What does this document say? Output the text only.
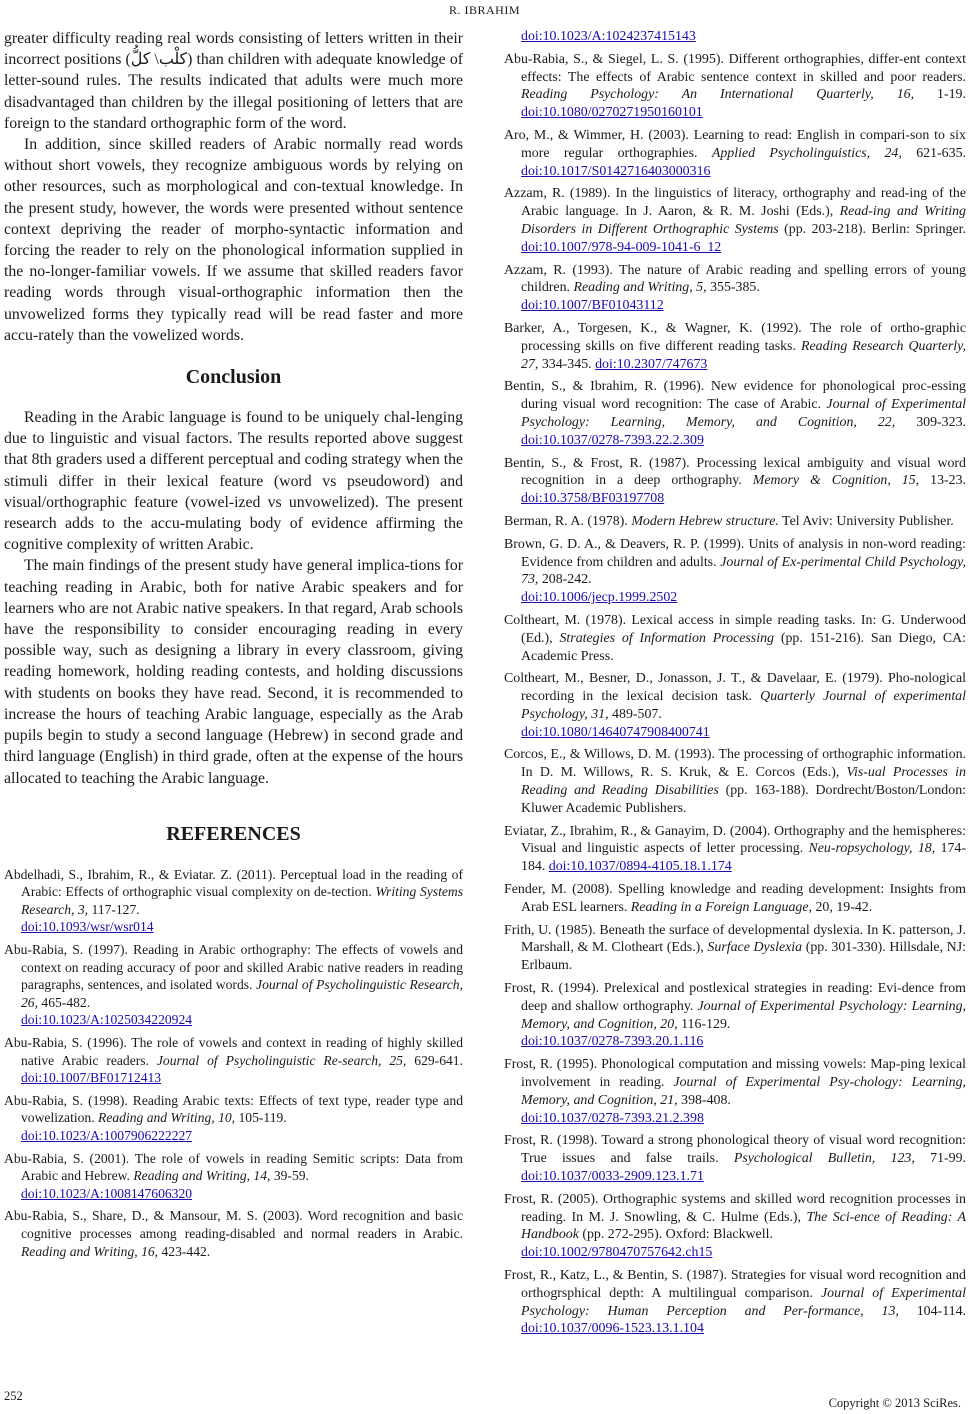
R. IBRAHIM

greater difficulty reading real words consisting of letters written in their incorrect positions (كلْب\ كلُّ) than children with adequate knowledge of letter-sound rules. The results indicated that adults were much more disadvantaged than children by the illegal positioning of letters that are foreign to the standard orthographic form of the word.

In addition, since skilled readers of Arabic normally read words without short vowels, they recognize ambiguous words by relying on other resources, such as morphological and con-textual knowledge. In the present study, however, the words were presented without sentence context depriving the reader of morpho-syntactic information and forcing the reader to rely on the phonological information supplied in the no-longer-familiar vowels. If we assume that skilled readers favor reading words through visual-orthographic information then the unvowelized forms they typically read will be read faster and more accu-rately than the vowelized words.

Conclusion

Reading in the Arabic language is found to be uniquely chal-lenging due to linguistic and visual factors. The results reported above suggest that 8th graders used a different perceptual and coding strategy when the stimuli differ in their lexical feature (word vs pseudoword) and visual/orthographic feature (vowel-ized vs unvowelized). The present research adds to the accu-mulating body of evidence affirming the cognitive complexity of written Arabic.

The main findings of the present study have general implica-tions for teaching reading in Arabic, both for native Arabic speakers and for learners who are not Arabic native speakers. In that regard, Arab schools have the responsibility to consider encouraging reading in every possible way, such as designing a library in every classroom, giving reading homework, holding reading contests, and holding discussions with students on books they have read. Second, it is recommended to increase the hours of teaching Arabic language, especially as the Arab pupils begin to study a second language (Hebrew) in second grade and third language (English) in third grade, often at the expense of the hours allocated to teaching the Arabic language.

REFERENCES

Abdelhadi, S., Ibrahim, R., & Eviatar. Z. (2011). Perceptual load in the reading of Arabic: Effects of orthographic visual complexity on de-tection. Writing Systems Research, 3, 117-127.
doi:10.1093/wsr/wsr014

Abu-Rabia, S. (1997). Reading in Arabic orthography: The effects of vowels and context on reading accuracy of poor and skilled Arabic native readers in reading paragraphs, sentences, and isolated words. Journal of Psycholinguistic Research, 26, 465-482.
doi:10.1023/A:1025034220924

Abu-Rabia, S. (1996). The role of vowels and context in reading of highly skilled native Arabic readers. Journal of Psycholinguistic Re-search, 25, 629-641. doi:10.1007/BF01712413

Abu-Rabia, S. (1998). Reading Arabic texts: Effects of text type, reader type and vowelization. Reading and Writing, 10, 105-119.
doi:10.1023/A:1007906222227

Abu-Rabia, S. (2001). The role of vowels in reading Semitic scripts: Data from Arabic and Hebrew. Reading and Writing, 14, 39-59.
doi:10.1023/A:1008147606320

Abu-Rabia, S., Share, D., & Mansour, M. S. (2003). Word recognition and basic cognitive processes among reading-disabled and normal readers in Arabic. Reading and Writing, 16, 423-442.

doi:10.1023/A:1024237415143

Abu-Rabia, S., & Siegel, L. S. (1995). Different orthographies, differ-ent context effects: The effects of Arabic sentence context in skilled and poor readers. Reading Psychology: An International Quarterly, 16, 1-19. doi:10.1080/0270271950160101

Aro, M., & Wimmer, H. (2003). Learning to read: English in compari-son to six more regular orthographies. Applied Psycholinguistics, 24, 621-635. doi:10.1017/S0142716403000316

Azzam, R. (1989). In the linguistics of literacy, orthography and read-ing of the Arabic language. In J. Aaron, & R. M. Joshi (Eds.), Read-ing and Writing Disorders in Different Orthographic Systems (pp. 203-218). Berlin: Springer. doi:10.1007/978-94-009-1041-6_12

Azzam, R. (1993). The nature of Arabic reading and spelling errors of young children. Reading and Writing, 5, 355-385.
doi:10.1007/BF01043112

Barker, A., Torgesen, K., & Wagner, K. (1992). The role of ortho-graphic processing skills on five different reading tasks. Reading Research Quarterly, 27, 334-345. doi:10.2307/747673

Bentin, S., & Ibrahim, R. (1996). New evidence for phonological proc-essing during visual word recognition: The case of Arabic. Journal of Experimental Psychology: Learning, Memory, and Cognition, 22, 309-323. doi:10.1037/0278-7393.22.2.309

Bentin, S., & Frost, R. (1987). Processing lexical ambiguity and visual word recognition in a deep orthography. Memory & Cognition, 15, 13-23. doi:10.3758/BF03197708

Berman, R. A. (1978). Modern Hebrew structure. Tel Aviv: University Publisher.

Brown, G. D. A., & Deavers, R. P. (1999). Units of analysis in non-word reading: Evidence from children and adults. Journal of Ex-perimental Child Psychology, 73, 208-242.
doi:10.1006/jecp.1999.2502

Coltheart, M. (1978). Lexical access in simple reading tasks. In: G. Underwood (Ed.), Strategies of Information Processing (pp. 151-216). San Diego, CA: Academic Press.

Coltheart, M., Besner, D., Jonasson, J. T., & Davelaar, E. (1979). Pho-nological recording in the lexical decision task. Quarterly Journal of experimental Psychology, 31, 489-507.
doi:10.1080/14640747908400741

Corcos, E., & Willows, D. M. (1993). The processing of orthographic information. In D. M. Willows, R. S. Kruk, & E. Corcos (Eds.), Vis-ual Processes in Reading and Reading Disabilities (pp. 163-188). Dordrecht/Boston/London: Kluwer Academic Publishers.

Eviatar, Z., Ibrahim, R., & Ganayim, D. (2004). Orthography and the hemispheres: Visual and linguistic aspects of letter processing. Neu-ropsychology, 18, 174-184. doi:10.1037/0894-4105.18.1.174

Fender, M. (2008). Spelling knowledge and reading development: Insights from Arab ESL learners. Reading in a Foreign Language, 20, 19-42.

Frith, U. (1985). Beneath the surface of developmental dyslexia. In K. patterson, J. Marshall, & M. Clotheart (Eds.), Surface Dyslexia (pp. 301-330). Hillsdale, NJ: Erlbaum.

Frost, R. (1994). Prelexical and postlexical strategies in reading: Evi-dence from deep and shallow orthography. Journal of Experimental Psychology: Learning, Memory, and Cognition, 20, 116-129.
doi:10.1037/0278-7393.20.1.116

Frost, R. (1995). Phonological computation and missing vowels: Map-ping lexical involvement in reading. Journal of Experimental Psy-chology: Learning, Memory, and Cognition, 21, 398-408.
doi:10.1037/0278-7393.21.2.398

Frost, R. (1998). Toward a strong phonological theory of visual word recognition: True issues and false trails. Psychological Bulletin, 123, 71-99. doi:10.1037/0033-2909.123.1.71

Frost, R. (2005). Orthographic systems and skilled word recognition processes in reading. In M. J. Snowling, & C. Hulme (Eds.), The Sci-ence of Reading: A Handbook (pp. 272-295). Oxford: Blackwell.
doi:10.1002/9780470757642.ch15

Frost, R., Katz, L., & Bentin, S. (1987). Strategies for visual word recognition and orthogrsphical depth: A multilingual comparison. Journal of Experimental Psychology: Human Perception and Per-formance, 13, 104-114. doi:10.1037/0096-1523.13.1.104

252	Copyright © 2013 SciRes.
